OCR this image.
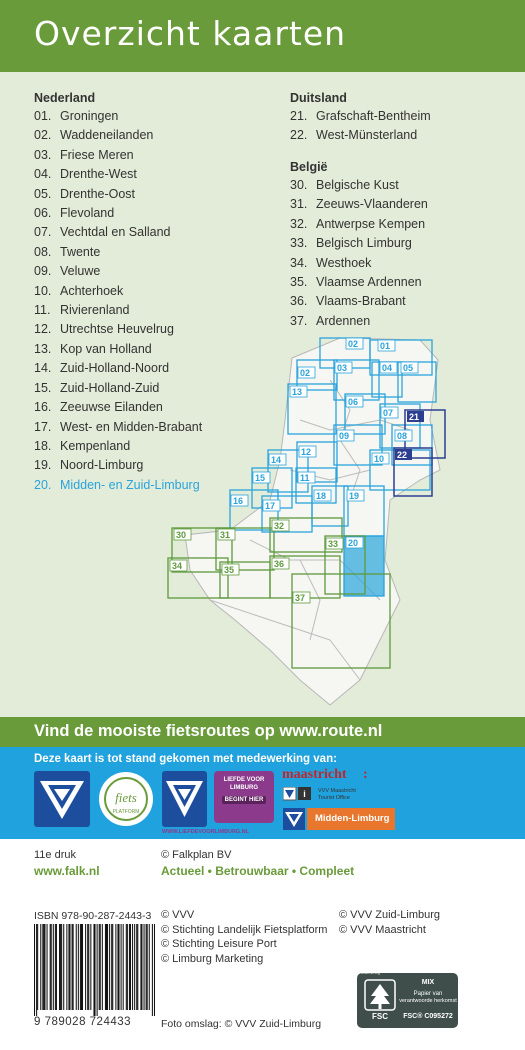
Overzicht kaarten
02 01
02	03	04 05
13
06
07
09	08
10
12
14
11
15
16 17
18	19
20
21
22
30	31
32
33
34	35
36
37
Nederland
01. Groningen
02. Waddeneilanden
03. Friese Meren
04. Drenthe-West
05. Drenthe-Oost
06. Flevoland
07. Vechtdal en Salland
08. Twente
09. Veluwe
10. Achterhoek
11. Rivierenland
12. Utrechtse Heuvelrug
13. Kop van Holland
14. Zuid-Holland-Noord
15. Zuid-Holland-Zuid
16. Zeeuwse Eilanden
17. West- en Midden-Brabant
18. Kempenland
19. Noord-Limburg
20. Midden- en Zuid-Limburg
Duitsland
21. Grafschaft-Bentheim
22. West-Münsterland
België
30. Belgische Kust
31. Zeeuws-Vlaanderen
32. Antwerpse Kempen
33. Belgisch Limburg
34. Westhoek
35. Vlaamse Ardennen
36. Vlaams-Brabant
37. Ardennen
Vind de mooiste fietsroutes op www.route.nl
Deze kaart is tot stand gekomen met medewerking van:
fiets
PLATFORM
LIEFDE VOOR
LIMBURG
BEGINT HIER
WWW.LIEFDEVOORLIMBURG.NL
maastricht :
i VVV Maastricht
Tourist Office
Midden-Limburg
11e druk
www.falk.nl
© Falkplan BV
Actueel • Betrouwbaar • Compleet
ISBN 978-90-287-2443-3
9 789028 724433
© VVV
© Stichting Landelijk Fietsplatform
© Stichting Leisure Port
© Limburg Marketing
© VVV Zuid-Limburg
© VVV Maastricht
Foto omslag: © VVV Zuid-Limburg
FSC
www.fsc.org
MIX
Papier van
verantwoorde herkomst
FSC® C095272
